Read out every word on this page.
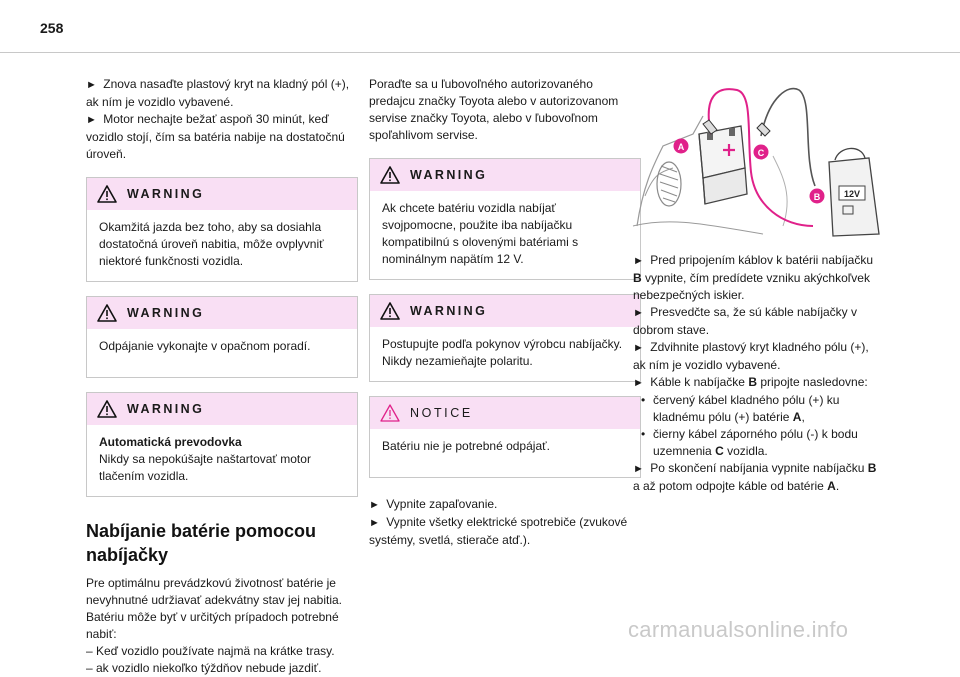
258

► Znova nasaďte plastový kryt na kladný pól (+), ak ním je vozidlo vybavené.

► Motor nechajte bežať aspoň 30 minút, keď vozidlo stojí, čím sa batéria nabije na dostatočnú úroveň.

WARNING
Okamžitá jazda bez toho, aby sa dosiahla dostatočná úroveň nabitia, môže ovplyvniť niektoré funkčnosti vozidla.
WARNING
Odpájanie vykonajte v opačnom poradí.
WARNING
Automatická prevodovka
Nikdy sa nepokúšajte naštartovať motor tlačením vozidla.
Nabíjanie batérie pomocou
nabíjačky

Pre optimálnu prevádzkovú životnosť batérie je nevyhnutné udržiavať adekvátny stav jej nabitia. Batériu môže byť v určitých prípadoch potrebné nabiť:

– Keď vozidlo používate najmä na krátke trasy.

– ak vozidlo niekoľko týždňov nebude jazdiť.

Poraďte sa u ľubovoľného autorizovaného predajcu značky Toyota alebo v autorizovanom servise značky Toyota, alebo v ľubovoľnom spoľahlivom servise.
WARNING
Ak chcete batériu vozidla nabíjať svojpomocne, použite iba nabíjačku kompatibilnú s olovenými batériami s nominálnym napätím 12 V.
WARNING
Postupujte podľa pokynov výrobcu nabíjačky. Nikdy nezamieňajte polaritu.
NOTICE
Batériu nie je potrebné odpájať.

► Vypnite zapaľovanie.

► Vypnite všetky elektrické spotrebiče (zvukové systémy, svetlá, stierače atď.).

A
C
B	12V

► Pred pripojením káblov k batérii nabíjačku B vypnite, čím predídete vzniku akýchkoľvek nebezpečných iskier.

► Presvedčte sa, že sú káble nabíjačky v dobrom stave.

► Zdvihnite plastový kryt kladného pólu (+), ak ním je vozidlo vybavené.

► Káble k nabíjačke B pripojte nasledovne:

• červený kábel kladného pólu (+) ku kladnému pólu (+) batérie A,
• čierny kábel záporného pólu (-) k bodu uzemnenia C vozidla.

► Po skončení nabíjania vypnite nabíjačku B a až potom odpojte káble od batérie A.

carmanualsonline.info
